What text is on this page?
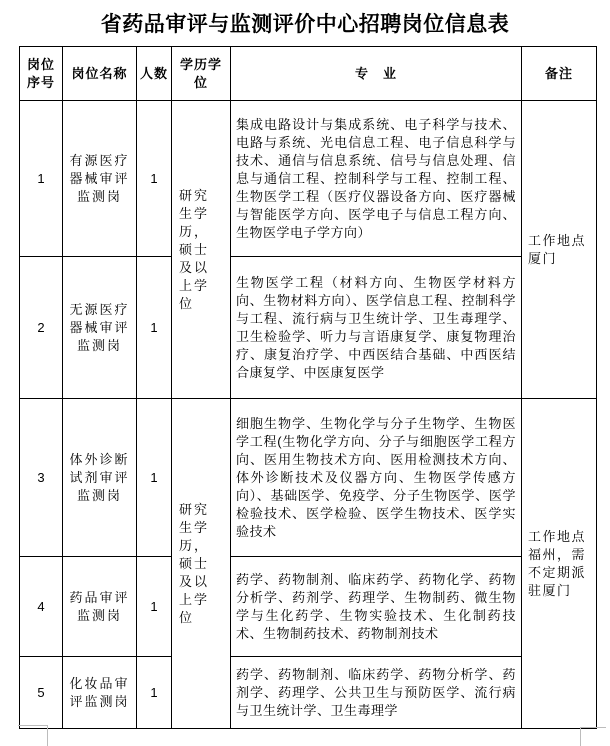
省药品审评与监测评价中心招聘岗位信息表
岗位序号	岗位名称	人数	学历学位	专　业	备注
1	有源医疗器械审评监测岗	1	研究生学历，硕士及以上学位	集成电路设计与集成系统、电子科学与技术、电路与系统、光电信息工程、电子信息科学与技术、通信与信息系统、信号与信息处理、信息与通信工程、控制科学与工程、控制工程、生物医学工程（医疗仪器设备方向、医疗器械与智能医学方向、医学电子与信息工程方向、生物医学电子学方向）	工作地点厦门
2	无源医疗器械审评监测岗	1		生物医学工程（材料方向、生物医学材料方向、生物材料方向）、医学信息工程、控制科学与工程、流行病与卫生统计学、卫生毒理学、卫生检验学、听力与言语康复学、康复物理治疗、康复治疗学、中西医结合基础、中西医结合康复学、中医康复医学	
3	体外诊断试剂审评监测岗	1	研究生学历，硕士及以上学位	细胞生物学、生物化学与分子生物学、生物医学工程(生物化学方向、分子与细胞医学工程方向、医用生物技术方向、医用检测技术方向、体外诊断技术及仪器方向、生物医学传感方向）、基础医学、免疫学、分子生物医学、医学检验技术、医学检验、医学生物技术、医学实验技术	工作地点福州，需不定期派驻厦门
4	药品审评监测岗	1		药学、药物制剂、临床药学、药物化学、药物分析学、药剂学、药理学、生物制药、微生物学与生化药学、生物实验技术、生化制药技术、生物制药技术、药物制剂技术	
5	化妆品审评监测岗	1		药学、药物制剂、临床药学、药物分析学、药剂学、药理学、公共卫生与预防医学、流行病与卫生统计学、卫生毒理学	
